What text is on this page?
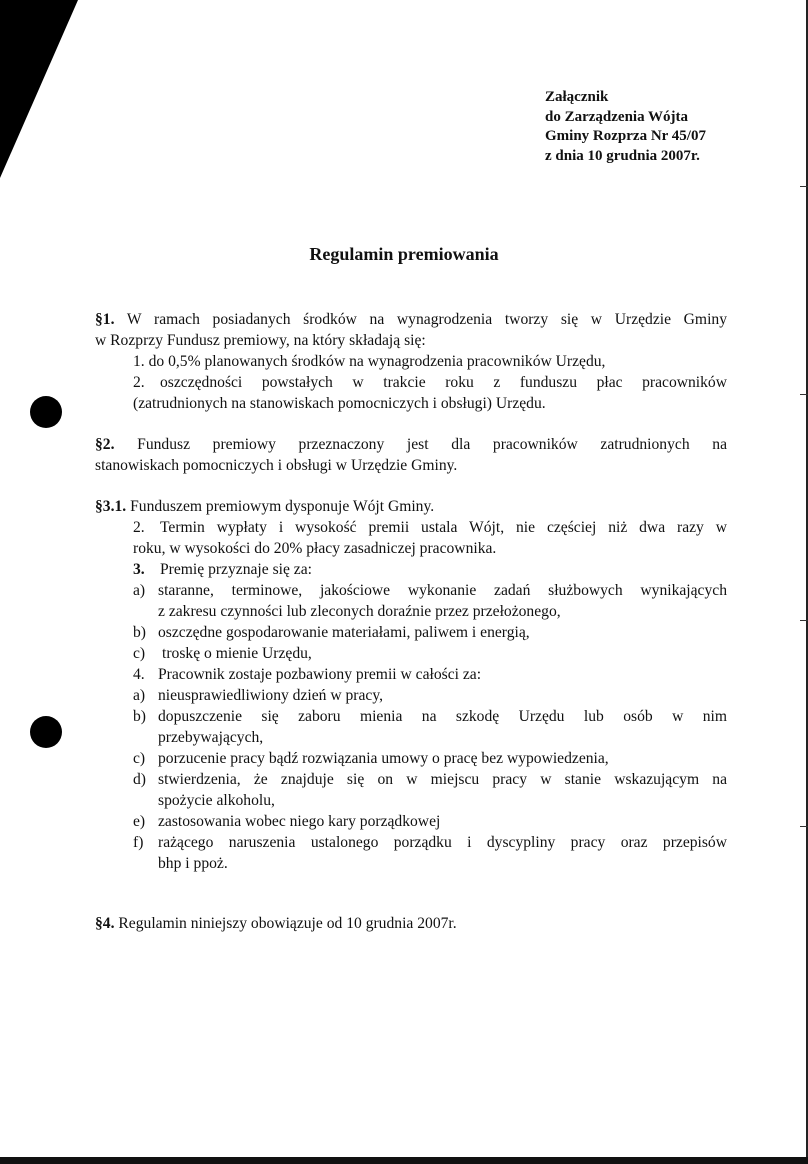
Załącznik
do Zarządzenia Wójta
Gminy Rozprza Nr 45/07
z dnia 10 grudnia 2007r.
Regulamin premiowania
§1. W ramach posiadanych środków na wynagrodzenia tworzy się w Urzędzie Gminy
w Rozprzy Fundusz premiowy, na który składają się:
1. do 0,5% planowanych środków na wynagrodzenia pracowników Urzędu,
2. oszczędności powstałych w trakcie roku z funduszu płac pracowników
(zatrudnionych na stanowiskach pomocniczych i obsługi) Urzędu.
§2. Fundusz premiowy przeznaczony jest dla pracowników zatrudnionych na
stanowiskach pomocniczych i obsługi w Urzędzie Gminy.
§3.1. Funduszem premiowym dysponuje Wójt Gminy.
2. Termin wypłaty i wysokość premii ustala Wójt, nie częściej niż dwa razy w
roku, w wysokości do 20% płacy zasadniczej pracownika.
3. Premię przyznaje się za:
a) staranne, terminowe, jakościowe wykonanie zadań służbowych wynikających
z zakresu czynności lub zleconych doraźnie przez przełożonego,
b) oszczędne gospodarowanie materiałami, paliwem i energią,
c) troskę o mienie Urzędu,
4. Pracownik zostaje pozbawiony premii w całości za:
a) nieusprawiedliwiony dzień w pracy,
b) dopuszczenie się zaboru mienia na szkodę Urzędu lub osób w nim
przebywających,
c) porzucenie pracy bądź rozwiązania umowy o pracę bez wypowiedzenia,
d) stwierdzenia, że znajduje się on w miejscu pracy w stanie wskazującym na
spożycie alkoholu,
e) zastosowania wobec niego kary porządkowej
f) rażącego naruszenia ustalonego porządku i dyscypliny pracy oraz przepisów
bhp i ppoż.
§4. Regulamin niniejszy obowiązuje od 10 grudnia 2007r.
